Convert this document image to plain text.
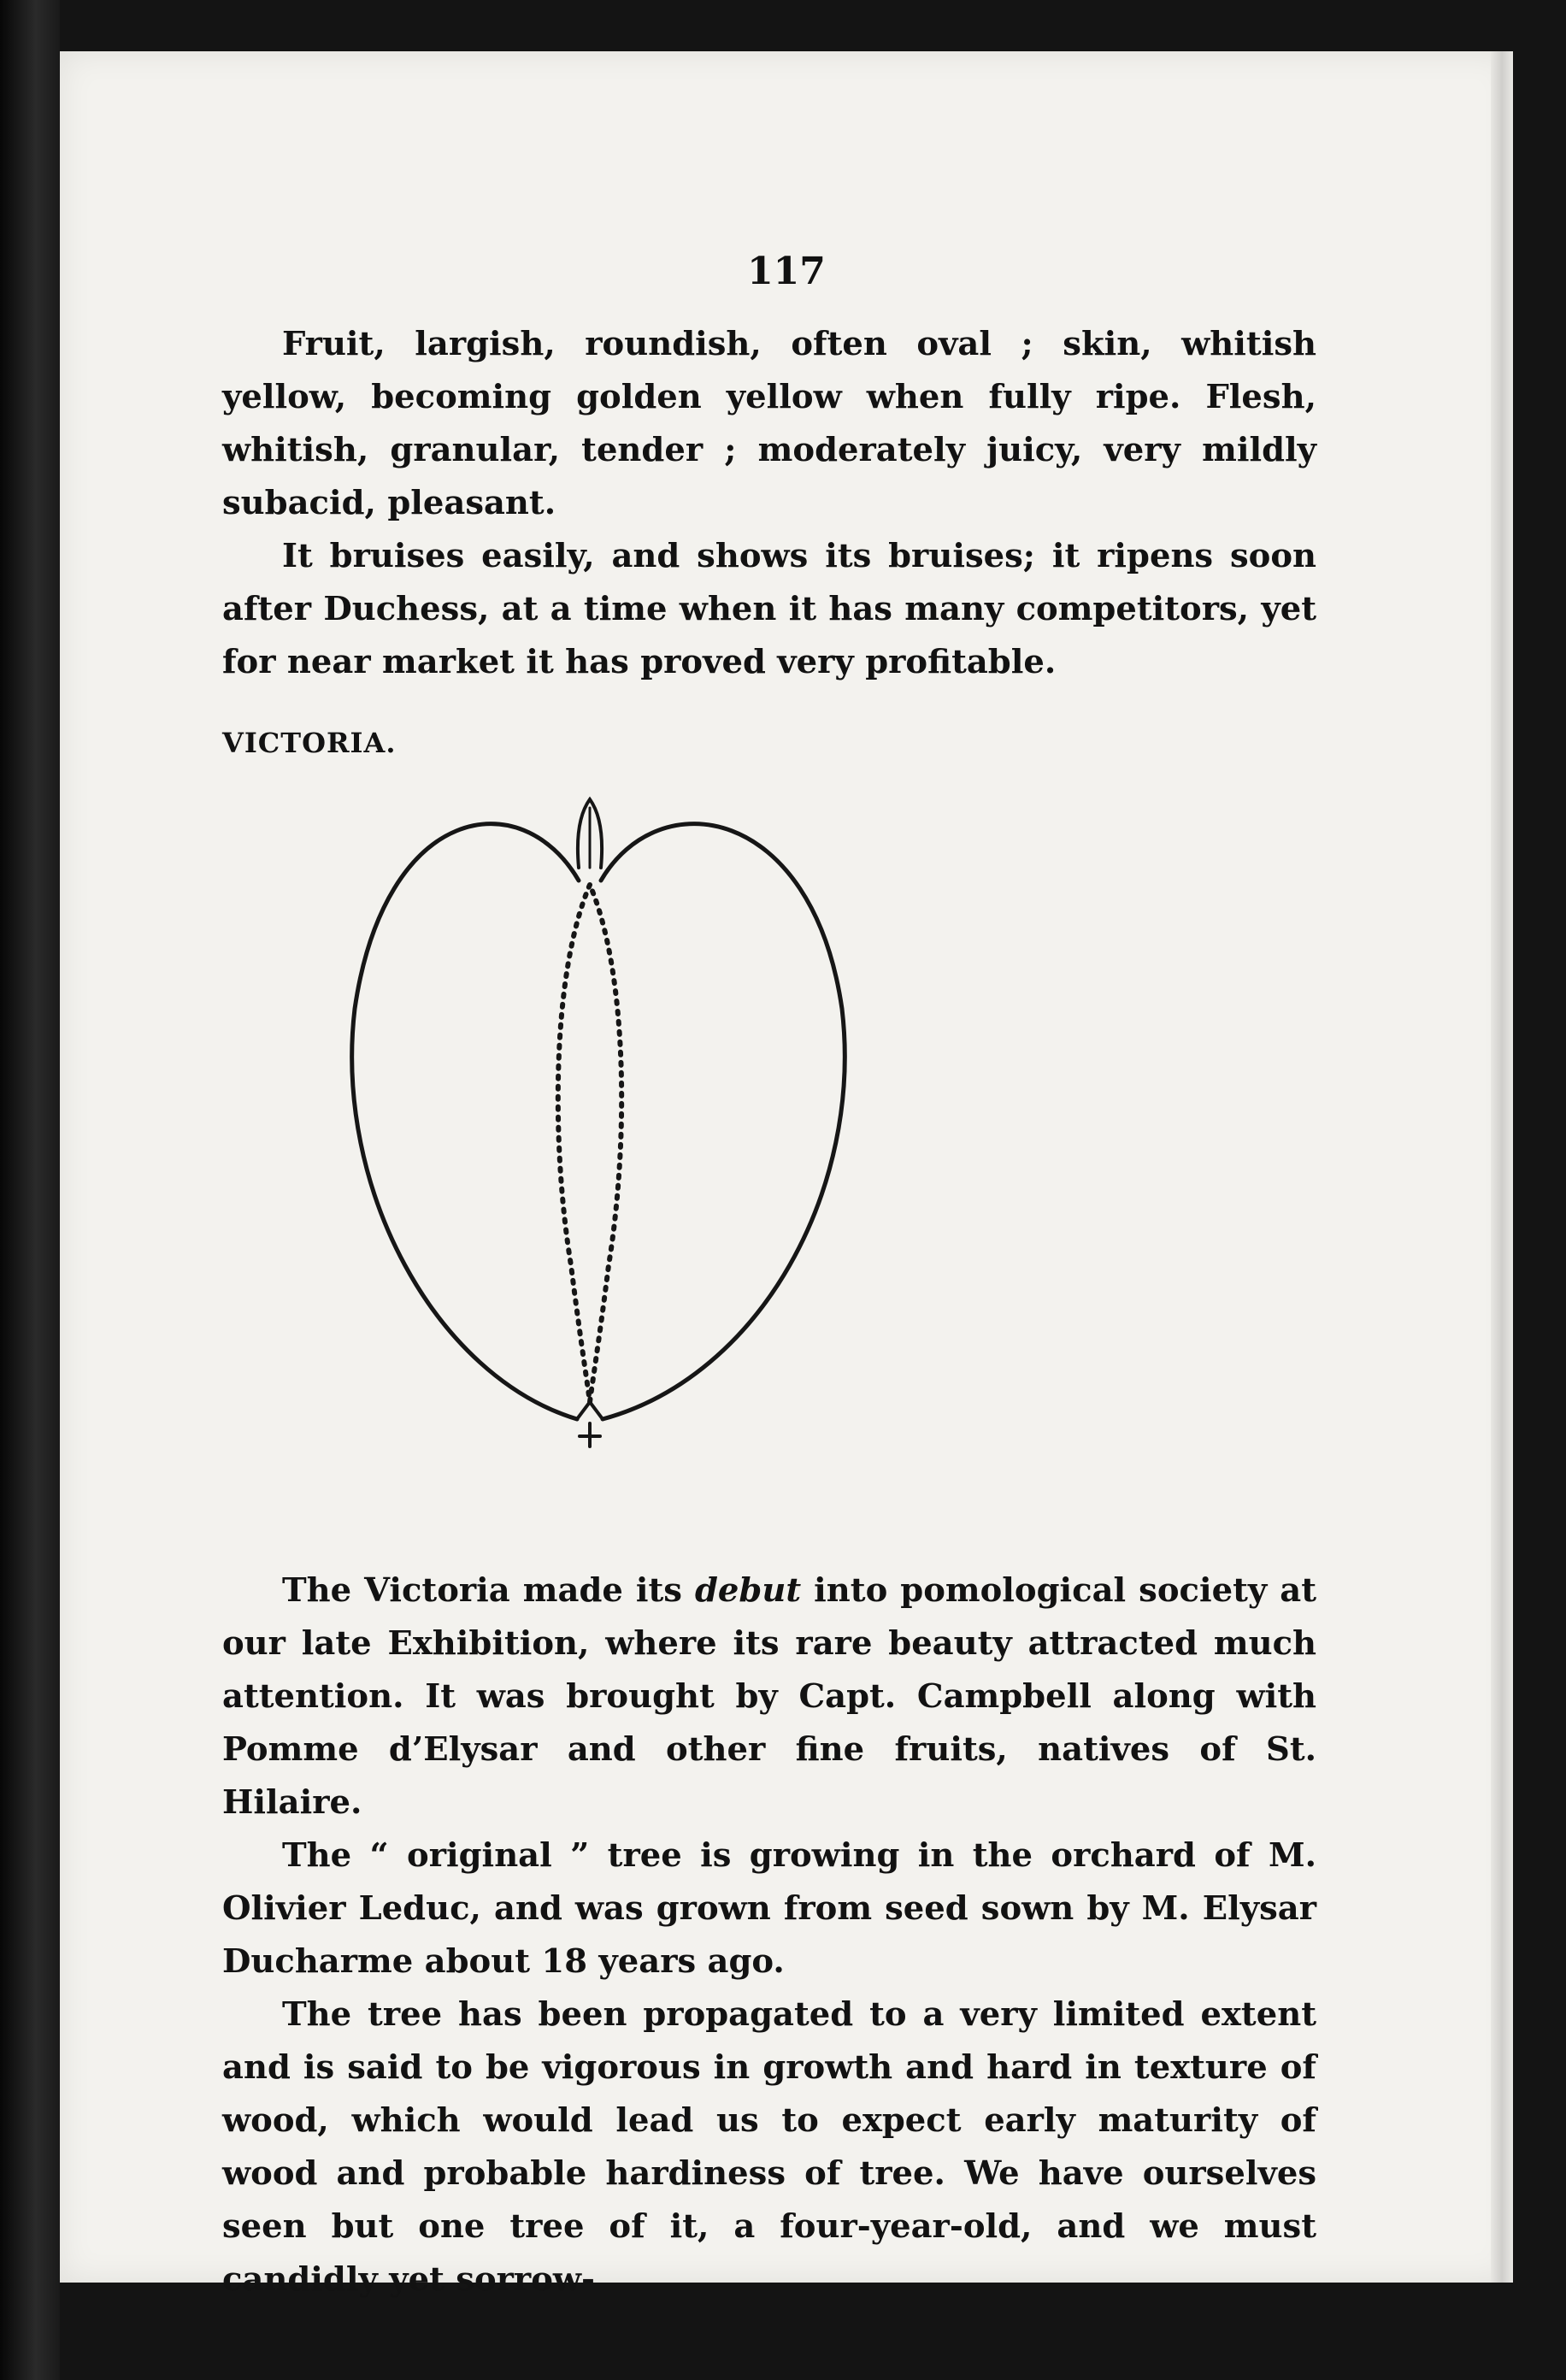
117

Fruit, largish, roundish, often oval ; skin, whitish yellow, becoming golden yellow when fully ripe. Flesh, whitish, granular, tender ; moderately juicy, very mildly subacid, pleasant.

It bruises easily, and shows its bruises; it ripens soon after Duchess, at a time when it has many competitors, yet for near market it has proved very profitable.

VICTORIA.

The Victoria made its debut into pomological society at our late Exhibition, where its rare beauty attracted much attention. It was brought by Capt. Campbell along with Pomme d’Elysar and other fine fruits, natives of St. Hilaire.

The “ original ” tree is growing in the orchard of M. Olivier Leduc, and was grown from seed sown by M. Elysar Ducharme about 18 years ago.

The tree has been propagated to a very limited extent and is said to be vigorous in growth and hard in texture of wood, which would lead us to expect early maturity of wood and probable hardiness of tree. We have ourselves seen but one tree of it, a four-year-old, and we must candidly yet sorrow-
